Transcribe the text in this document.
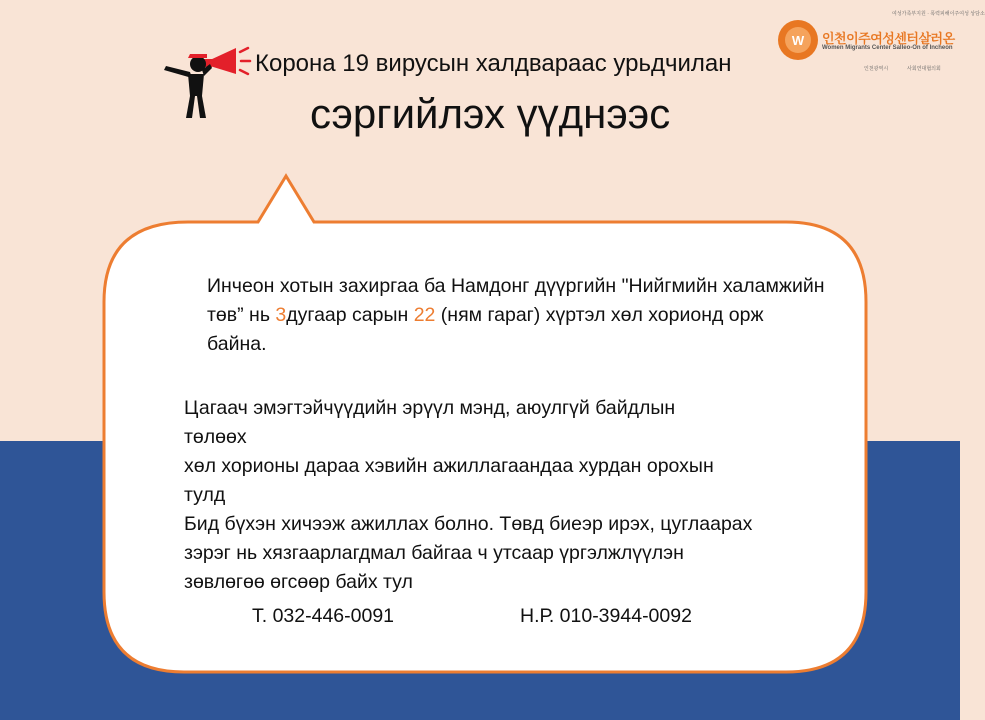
Корона 19 вирусын халдвараас урьдчилан
сэргийлэх үүднээс
W
여성가족부지원 · 폭력피해이주여성 상담소
인천이주여성센터살러온
Women Migrants Center Salleo-On of Incheon
인천광역시	사회연대협의회
Инчеон хотын захиргаа ба Намдонг дүүргийн "Нийгмийн халамжийн төв” нь 3дугаар сарын 22 (ням гараг) хүртэл хөл хорионд орж байна.
Цагаач эмэгтэйчүүдийн эрүүл мэнд, аюулгүй байдлын
төлөөх
хөл хорионы дараа хэвийн ажиллагаандаа хурдан орохын
тулд
Бид бүхэн хичээж ажиллах болно. Төвд биеэр ирэх, цуглаарах
зэрэг нь хязгаарлагдмал байгаа ч утсаар үргэлжлүүлэн
зөвлөгөө өгсөөр байх тул
Т. 032-446-0091	Н.Р. 010-3944-0092
